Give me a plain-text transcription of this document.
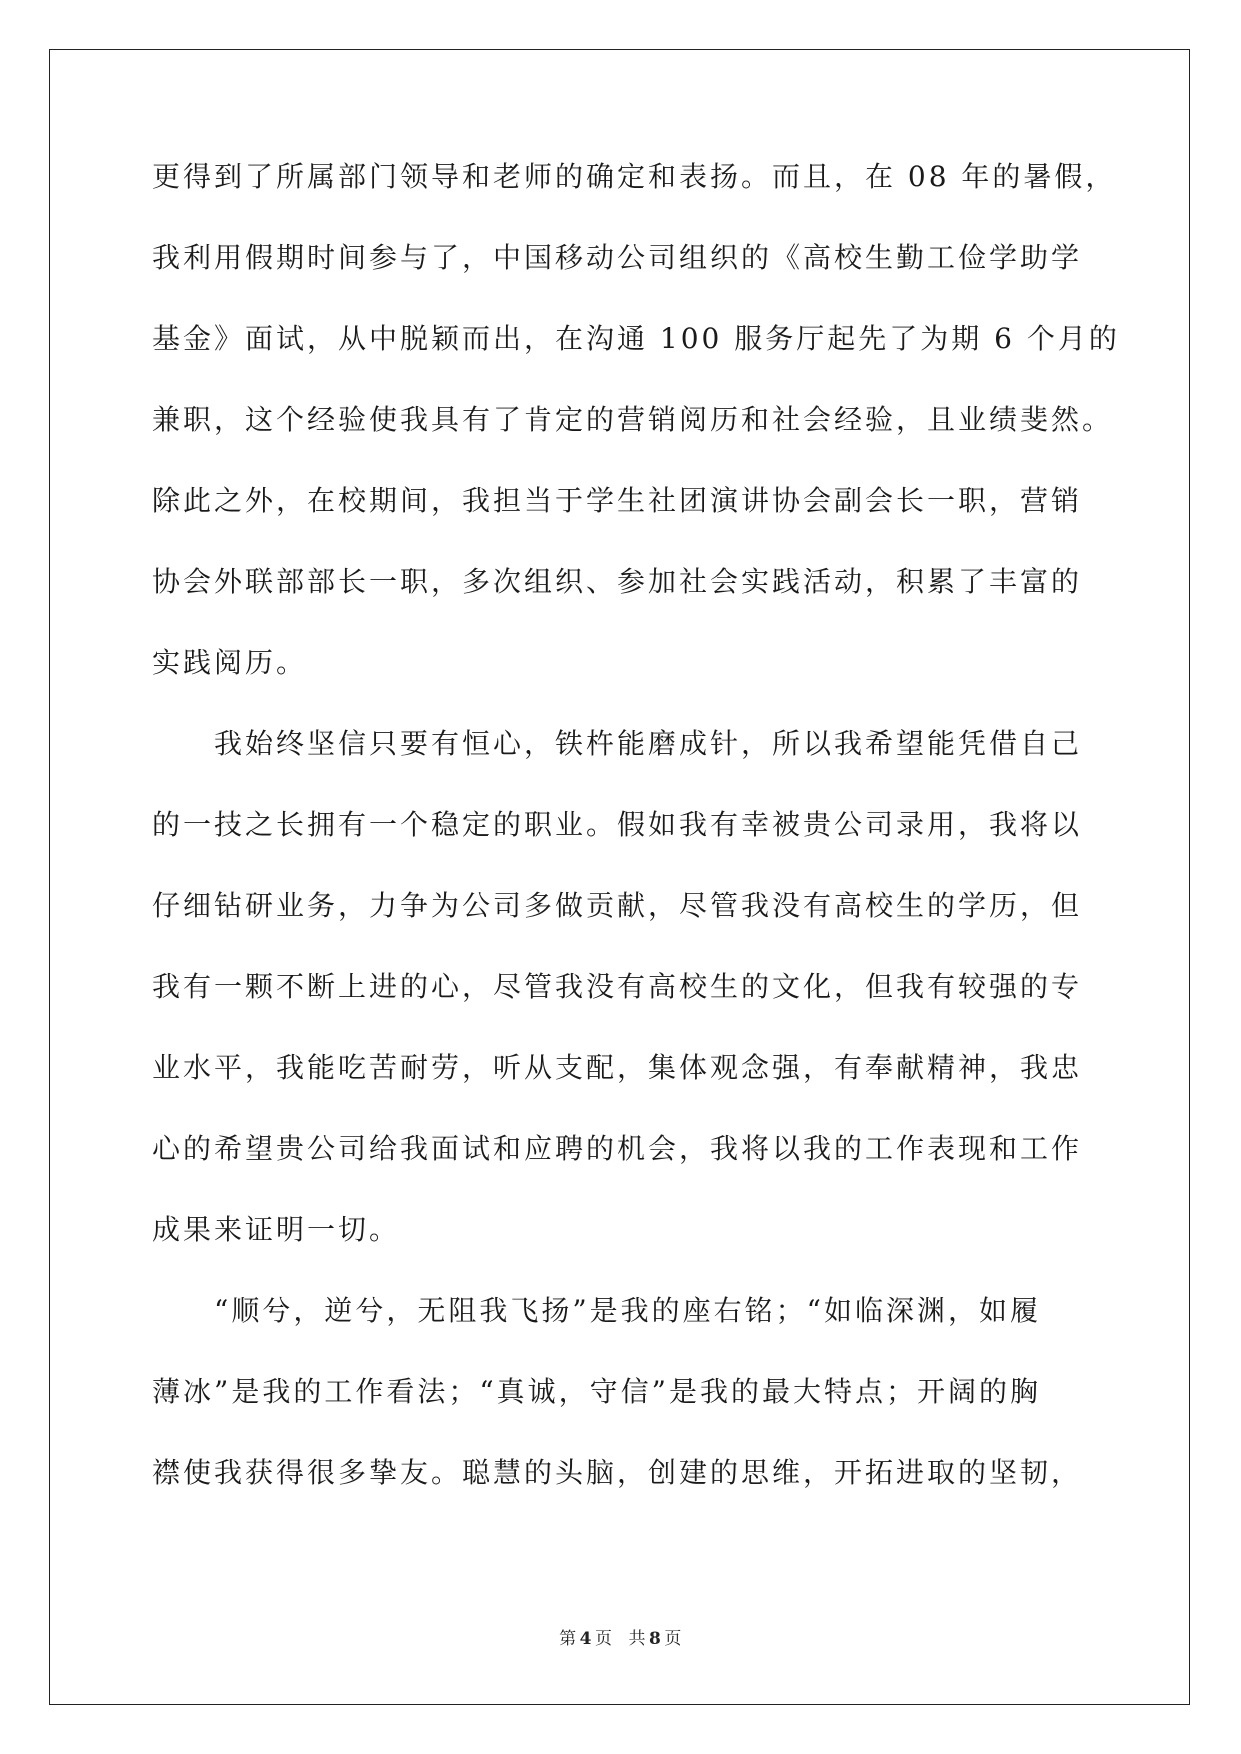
更得到了所属部门领导和老师的确定和表扬。而且，在 08 年的暑假，
我利用假期时间参与了，中国移动公司组织的《高校生勤工俭学助学
基金》面试，从中脱颖而出，在沟通 100 服务厅起先了为期 6 个月的
兼职，这个经验使我具有了肯定的营销阅历和社会经验，且业绩斐然。
除此之外，在校期间，我担当于学生社团演讲协会副会长一职，营销
协会外联部部长一职，多次组织、参加社会实践活动，积累了丰富的
实践阅历。
我始终坚信只要有恒心，铁杵能磨成针，所以我希望能凭借自己
的一技之长拥有一个稳定的职业。假如我有幸被贵公司录用，我将以
仔细钻研业务，力争为公司多做贡献，尽管我没有高校生的学历，但
我有一颗不断上进的心，尽管我没有高校生的文化，但我有较强的专
业水平，我能吃苦耐劳，听从支配，集体观念强，有奉献精神，我忠
心的希望贵公司给我面试和应聘的机会，我将以我的工作表现和工作
成果来证明一切。
“顺兮，逆兮，无阻我飞扬”是我的座右铭；“如临深渊，如履
薄冰”是我的工作看法；“真诚，守信”是我的最大特点；开阔的胸
襟使我获得很多挚友。聪慧的头脑，创建的思维，开拓进取的坚韧，
第 4 页 共 8 页
